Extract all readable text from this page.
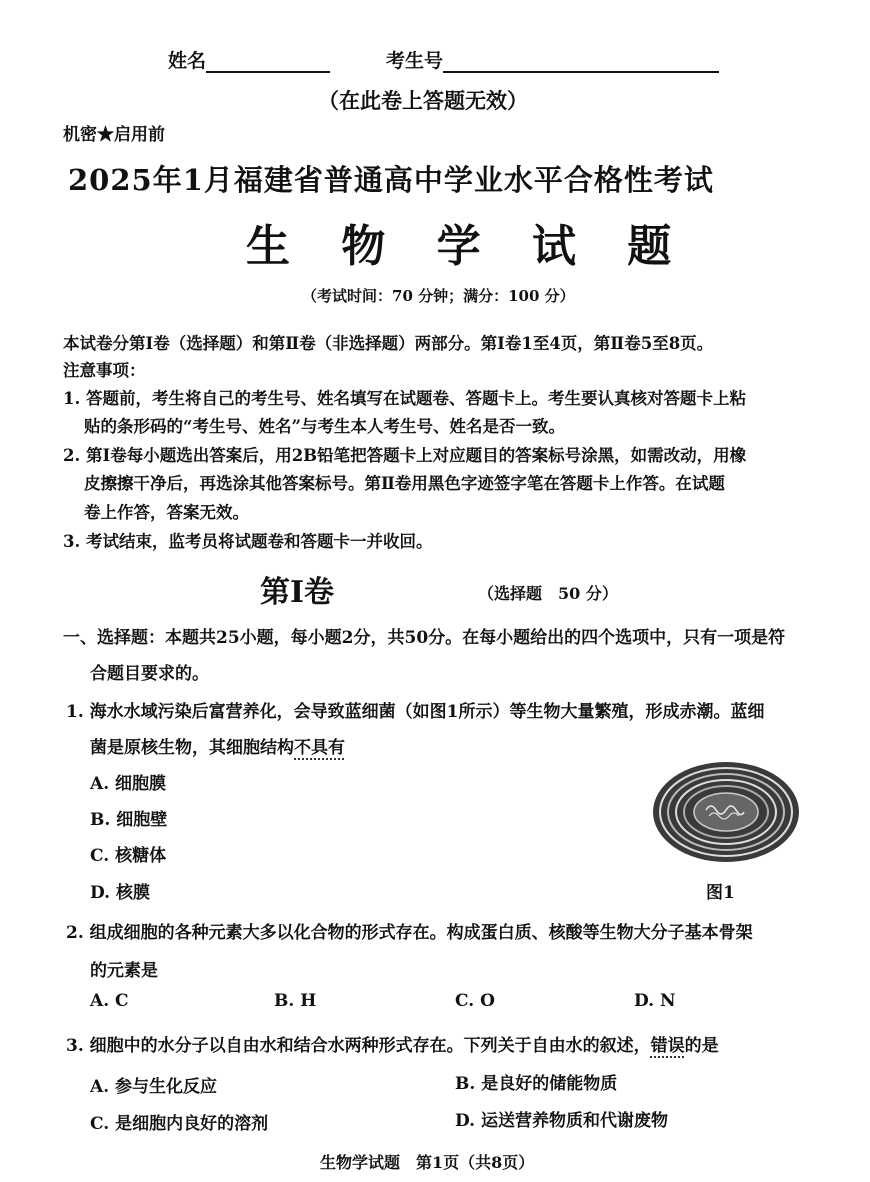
姓名	考生号
（在此卷上答题无效）
机密★启用前
2025年1月福建省普通高中学业水平合格性考试
生 物 学 试 题
（考试时间：70 分钟；满分：100 分）
本试卷分第Ⅰ卷（选择题）和第Ⅱ卷（非选择题）两部分。第Ⅰ卷1至4页，第Ⅱ卷5至8页。
注意事项：
1. 答题前，考生将自己的考生号、姓名填写在试题卷、答题卡上。考生要认真核对答题卡上粘
贴的条形码的“考生号、姓名”与考生本人考生号、姓名是否一致。
2. 第Ⅰ卷每小题选出答案后，用2B铅笔把答题卡上对应题目的答案标号涂黑，如需改动，用橡
皮擦擦干净后，再选涂其他答案标号。第Ⅱ卷用黑色字迹签字笔在答题卡上作答。在试题
卷上作答，答案无效。
3. 考试结束，监考员将试题卷和答题卡一并收回。
第Ⅰ卷	（选择题　50 分）
一、选择题：本题共25小题，每小题2分，共50分。在每小题给出的四个选项中，只有一项是符
合题目要求的。
1. 海水水域污染后富营养化，会导致蓝细菌（如图1所示）等生物大量繁殖，形成赤潮。蓝细
菌是原核生物，其细胞结构不具有
A. 细胞膜
B. 细胞壁
C. 核糖体
D. 核膜	图1
2. 组成细胞的各种元素大多以化合物的形式存在。构成蛋白质、核酸等生物大分子基本骨架
的元素是
A. C	B. H	C. O	D. N
3. 细胞中的水分子以自由水和结合水两种形式存在。下列关于自由水的叙述，错误的是
A. 参与生化反应	B. 是良好的储能物质
C. 是细胞内良好的溶剂	D. 运送营养物质和代谢废物
生物学试题　第1页（共8页）
